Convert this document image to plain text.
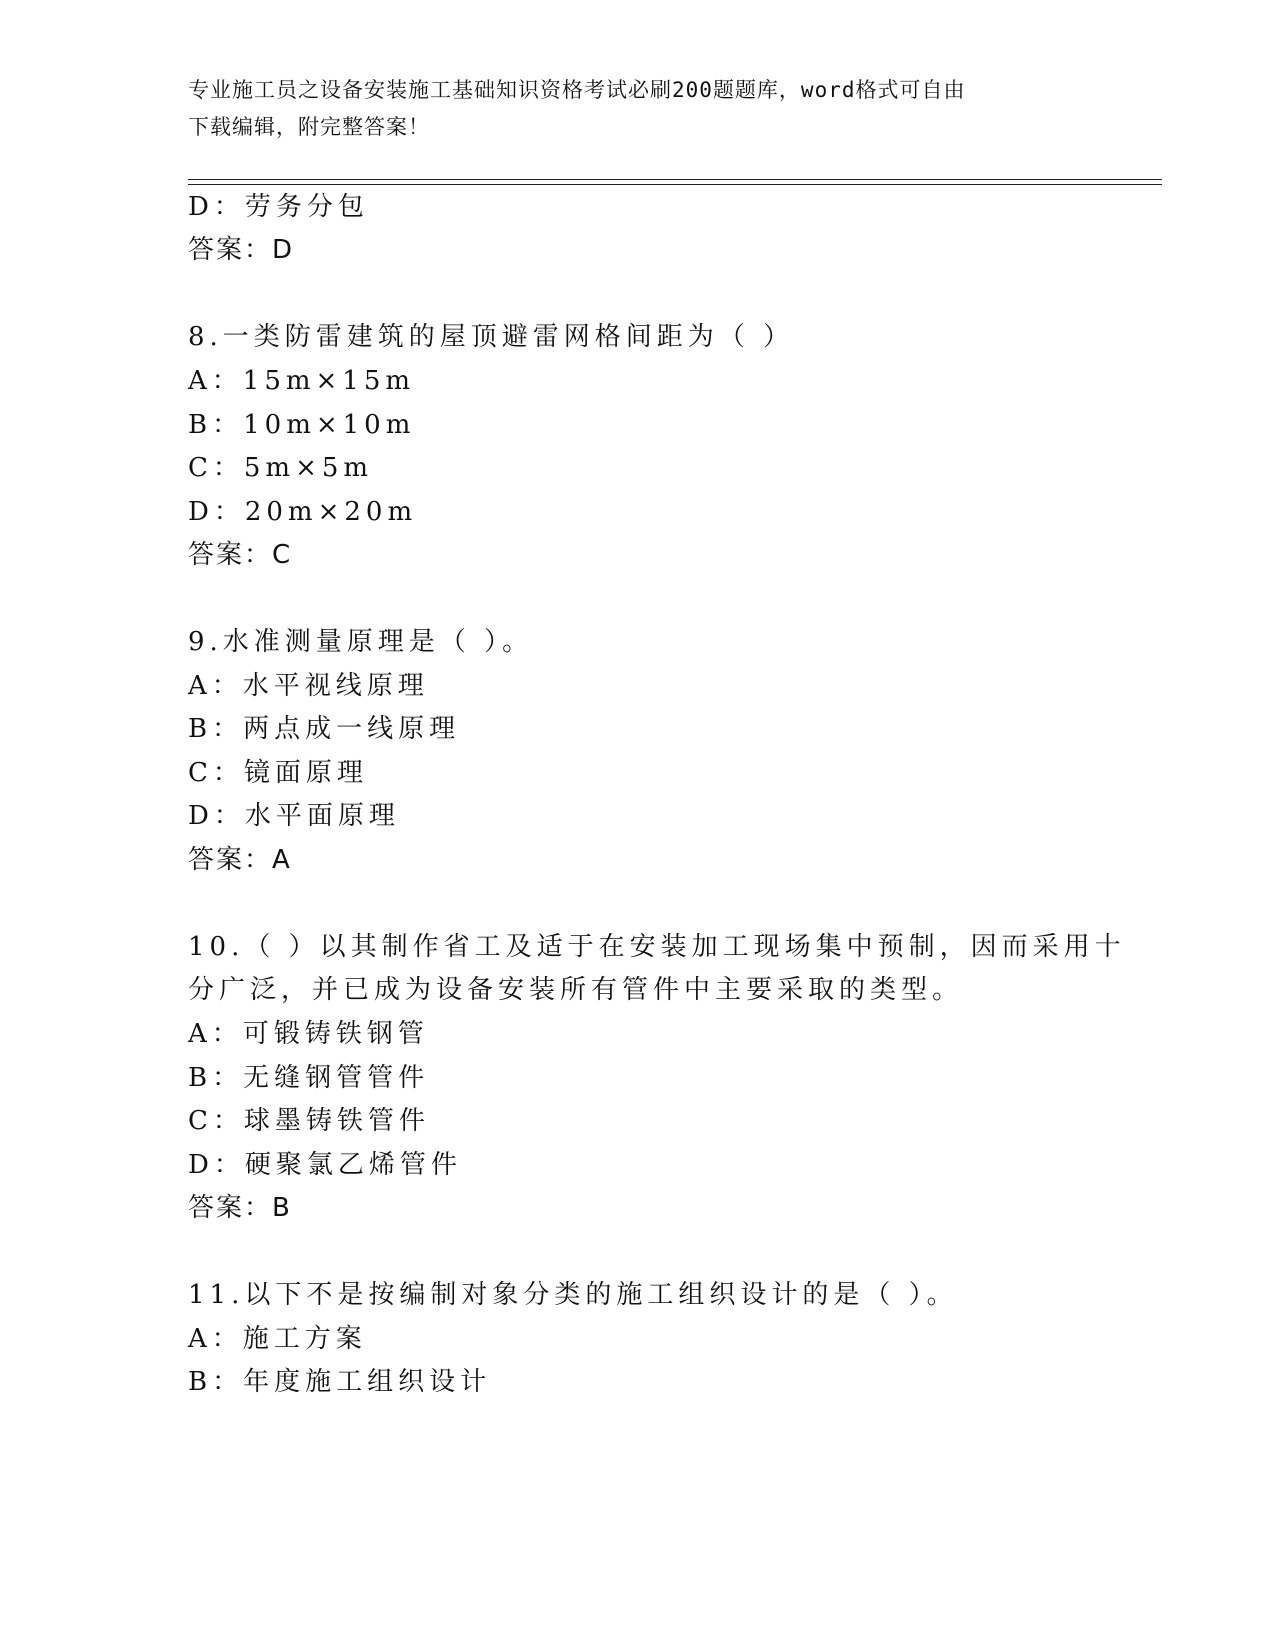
专业施工员之设备安装施工基础知识资格考试必刷200题题库，word格式可自由
下载编辑，附完整答案！
D：劳务分包
答案：D
8.一类防雷建筑的屋顶避雷网格间距为（ ）
A：15m×15m
B：10m×10m
C：5m×5m
D：20m×20m
答案：C
9.水准测量原理是（ ）。
A：水平视线原理
B：两点成一线原理
C：镜面原理
D：水平面原理
答案：A
10.（ ）以其制作省工及适于在安装加工现场集中预制，因而采用十
分广泛，并已成为设备安装所有管件中主要采取的类型。
A：可锻铸铁钢管
B：无缝钢管管件
C：球墨铸铁管件
D：硬聚氯乙烯管件
答案：B
11.以下不是按编制对象分类的施工组织设计的是（ ）。
A：施工方案
B：年度施工组织设计
